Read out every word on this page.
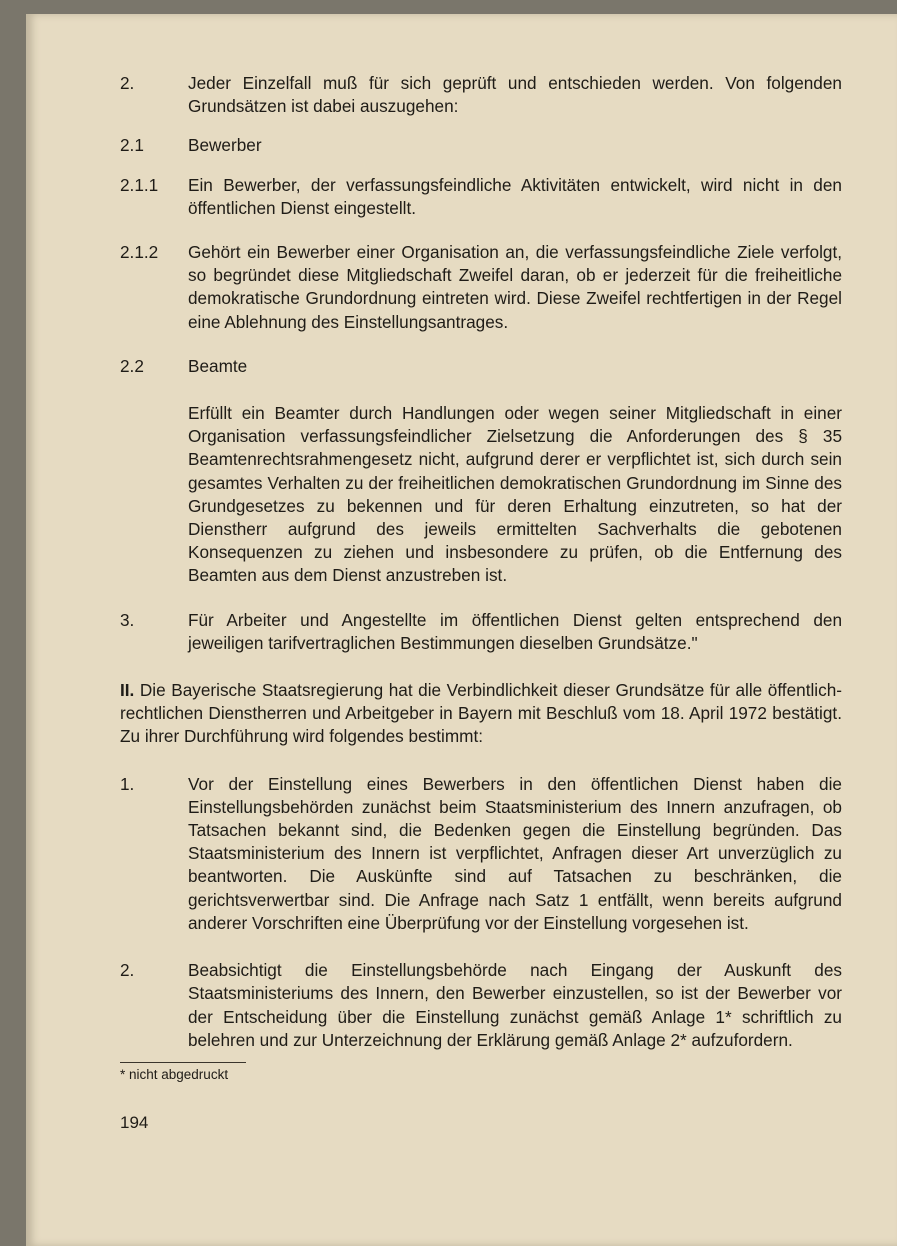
2.	Jeder Einzelfall muß für sich geprüft und entschieden werden. Von folgenden Grundsätzen ist dabei auszugehen:
2.1	Bewerber
2.1.1	Ein Bewerber, der verfassungsfeindliche Aktivitäten entwickelt, wird nicht in den öffentlichen Dienst eingestellt.
2.1.2	Gehört ein Bewerber einer Organisation an, die verfassungsfeindliche Ziele verfolgt, so begründet diese Mitgliedschaft Zweifel daran, ob er jederzeit für die freiheitliche demokratische Grundordnung eintreten wird. Diese Zweifel rechtfertigen in der Regel eine Ablehnung des Einstellungsantrages.
2.2	Beamte
Erfüllt ein Beamter durch Handlungen oder wegen seiner Mitgliedschaft in einer Organisation verfassungsfeindlicher Zielsetzung die Anforderungen des § 35 Beamtenrechtsrahmengesetz nicht, aufgrund derer er verpflichtet ist, sich durch sein gesamtes Verhalten zu der freiheitlichen demokratischen Grundordnung im Sinne des Grundgesetzes zu bekennen und für deren Erhaltung einzutreten, so hat der Dienstherr aufgrund des jeweils ermittelten Sachverhalts die gebotenen Konsequenzen zu ziehen und insbesondere zu prüfen, ob die Entfernung des Beamten aus dem Dienst anzustreben ist.
3.	Für Arbeiter und Angestellte im öffentlichen Dienst gelten entsprechend den jeweiligen tarifvertraglichen Bestimmungen dieselben Grundsätze."
II. Die Bayerische Staatsregierung hat die Verbindlichkeit dieser Grundsätze für alle öffentlich-rechtlichen Dienstherren und Arbeitgeber in Bayern mit Beschluß vom 18. April 1972 bestätigt. Zu ihrer Durchführung wird folgendes bestimmt:
1.	Vor der Einstellung eines Bewerbers in den öffentlichen Dienst haben die Einstellungsbehörden zunächst beim Staatsministerium des Innern anzufragen, ob Tatsachen bekannt sind, die Bedenken gegen die Einstellung begründen. Das Staatsministerium des Innern ist verpflichtet, Anfragen dieser Art unverzüglich zu beantworten. Die Auskünfte sind auf Tatsachen zu beschränken, die gerichtsverwertbar sind. Die Anfrage nach Satz 1 entfällt, wenn bereits aufgrund anderer Vorschriften eine Überprüfung vor der Einstellung vorgesehen ist.
2.	Beabsichtigt die Einstellungsbehörde nach Eingang der Auskunft des Staatsministeriums des Innern, den Bewerber einzustellen, so ist der Bewerber vor der Entscheidung über die Einstellung zunächst gemäß Anlage 1* schriftlich zu belehren und zur Unterzeichnung der Erklärung gemäß Anlage 2* aufzufordern.
* nicht abgedruckt
194
